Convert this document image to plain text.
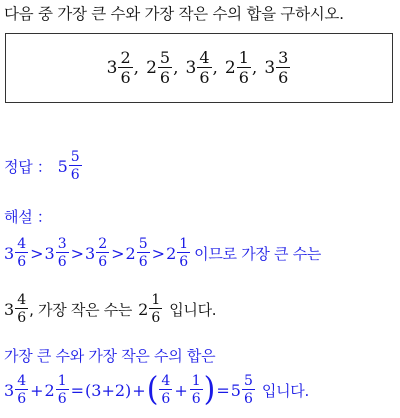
다음 중 가장 큰 수와 가장 작은 수의 합을 구하시오.
$3 \frac{2}{6}$ , $2 \frac{5}{6}$ , $3 \frac{4}{6}$ , $2 \frac{1}{6}$ , $3 \frac{3}{6}$
정답 ： $5 \frac{5}{6}$
해설 ：
$3 \frac{4}{6} > 3 \frac{3}{6} > 3 \frac{2}{6} > 2 \frac{5}{6} > 2 \frac{1}{6}$ 이므로 가장 큰 수는
$3 \frac{4}{6}$ , 가장 작은 수는 $2 \frac{1}{6}$ 입니다.
가장 큰 수와 가장 작은 수의 합은
$3 \frac{4}{6} + 2 \frac{1}{6} = (3+2)$ + ( $\frac{4}{6} + \frac{1}{6}$ ) = $5 \frac{5}{6}$ 입니다.
